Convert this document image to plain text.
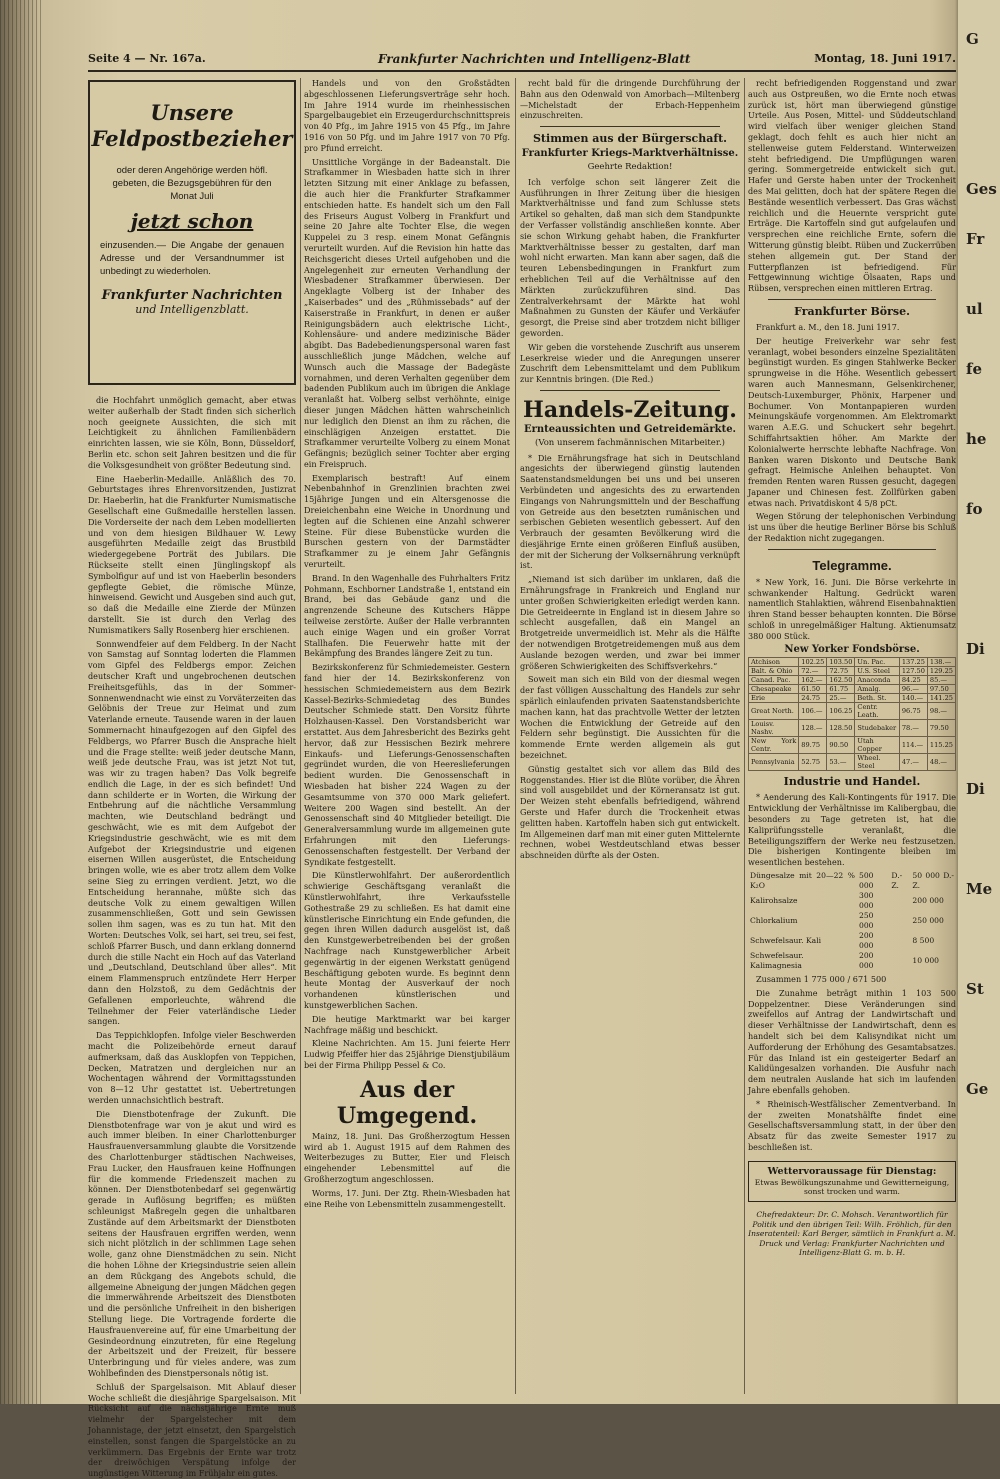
Seite 4 — Nr. 167a.	Frankfurter Nachrichten und Intelligenz-Blatt	Montag, 18. Juni 1917.
Unsere Feldpostbezieher
oder deren Angehörige werden höfl. gebeten, die Bezugsgebühren für den Monat Juli
jetzt schon
einzusenden.— Die Angabe der genauen Adresse und der Versandnummer ist unbedingt zu wiederholen.
Frankfurter Nachrichten
und Intelligenzblatt.

die Hochfahrt unmöglich gemacht, aber etwas weiter außerhalb der Stadt finden sich sicherlich noch geeignete Aussichten, die sich mit Leichtigkeit zu ähnlichen Familienbädern einrichten lassen, wie sie Köln, Bonn, Düsseldorf, Berlin etc. schon seit Jahren besitzen und die für die Volksgesundheit von größter Bedeutung sind.

Eine Haeberlin-Medaille. Anläßlich des 70. Geburtstages ihres Ehrenvorsitzenden, Justizrat Dr. Haeberlin, hat die Frankfurter Numismatische Gesellschaft eine Gußmedaille herstellen lassen. Die Vorderseite der nach dem Leben modellierten und von dem hiesigen Bildhauer W. Lewy ausgeführten Medaille zeigt das Brustbild wiedergegebene Porträt des Jubilars. Die Rückseite stellt einen Jünglingskopf als Symbolfigur auf und ist von Haeberlin besonders gepflegte Gebiet, die römische Münze, hinweisend. Gewicht und Ausgeben sind auch gut, so daß die Medaille eine Zierde der Münzen darstellt. Sie ist durch den Verlag des Numismatikers Sally Rosenberg hier erschienen.

Sonnwendfeier auf dem Feldberg. In der Nacht von Samstag auf Sonntag loderten die Flammen vom Gipfel des Feldbergs empor. Zeichen deutscher Kraft und ungebrochenen deutschen Freiheitsgefühls, das in der Sommer-Sonnenwendnacht wie einst zu Vorväterzeiten das Gelöbnis der Treue zur Heimat und zum Vaterlande erneute. Tausende waren in der lauen Sommernacht hinaufgezogen auf den Gipfel des Feldbergs, wo Pfarrer Busch die Ansprache hielt und die Frage stellte: weiß jeder deutsche Mann, weiß jede deutsche Frau, was ist jetzt Not tut, was wir zu tragen haben? Das Volk begreife endlich die Lage, in der es sich befindet! Und dann schilderte er in Worten, die Wirkung der Entbehrung auf die nächtliche Versammlung machten, wie Deutschland bedrängt und geschwächt, wie es mit dem Aufgebot der Kriegsindustrie geschwächt, wie es mit dem Aufgebot der Kriegsindustrie und eigenen eisernen Willen ausgerüstet, die Entscheidung bringen wolle, wie es aber trotz allem dem Volke seine Sieg zu erringen verdient. Jetzt, wo die Entscheidung herannahe, müßte sich das deutsche Volk zu einem gewaltigen Willen zusammenschließen, Gott und sein Gewissen sollen ihm sagen, was es zu tun hat. Mit den Worten: Deutsches Volk, sei hart, sei treu, sei fest, schloß Pfarrer Busch, und dann erklang donnernd durch die stille Nacht ein Hoch auf das Vaterland und „Deutschland, Deutschland über alles“. Mit einem Flammenspruch entzündete Herr Herper dann den Holzstoß, zu dem Gedächtnis der Gefallenen emporleuchte, während die Teilnehmer der Feier vaterländische Lieder sangen.

Das Teppichklopfen. Infolge vieler Beschwerden macht die Polizeibehörde erneut darauf aufmerksam, daß das Ausklopfen von Teppichen, Decken, Matratzen und dergleichen nur an Wochentagen während der Vormittagsstunden von 8—12 Uhr gestattet ist. Uebertretungen werden unnachsichtlich bestraft.

Die Dienstbotenfrage der Zukunft. Die Dienstbotenfrage war von je akut und wird es auch immer bleiben. In einer Charlottenburger Hausfrauenversammlung glaubte die Vorsitzende des Charlottenburger städtischen Nachweises, Frau Lucker, den Hausfrauen keine Hoffnungen für die kommende Friedenszeit machen zu können. Der Dienstbotenbedarf sei gegenwärtig gerade in Auflösung begriffen; es müßten schleunigst Maßregeln gegen die unhaltbaren Zustände auf dem Arbeitsmarkt der Dienstboten seitens der Hausfrauen ergriffen werden, wenn sich nicht plötzlich in der schlimmen Lage sehen wolle, ganz ohne Dienstmädchen zu sein. Nicht die hohen Löhne der Kriegsindustrie seien allein an dem Rückgang des Angebots schuld, die allgemeine Abneigung der jungen Mädchen gegen die immerwährende Arbeitszeit des Dienstboten und die persönliche Unfreiheit in den bisherigen Stellung liege. Die Vortragende forderte die Hausfrauenvereine auf, für eine Umarbeitung der Gesindeordnung einzutreten, für eine Regelung der Arbeitszeit und der Freizeit, für bessere Unterbringung und für vieles andere, was zum Wohlbefinden des Dienstpersonals nötig ist.

Schluß der Spargelsaison. Mit Ablauf dieser Woche schließt die diesjährige Spargelsaison. Mit Rücksicht auf die nächstjährige Ernte muß vielmehr der Spargelstecher mit dem Johannistage, der jetzt einsetzt, den Spargelstich einstellen, sonst fangen die Spargelstöcke an zu verkümmern. Das Ergebnis der Ernte war trotz der dreiwöchigen Verspätung infolge der ungünstigen Witterung im Frühjahr ein gutes.

Handels und von den Großstädten abgeschlossenen Lieferungsverträge sehr hoch. Im Jahre 1914 wurde im rheinhessischen Spargelbaugebiet ein Erzeugerdurchschnittspreis von 40 Pfg., im Jahre 1915 von 45 Pfg., im Jahre 1916 von 50 Pfg. und im Jahre 1917 von 70 Pfg. pro Pfund erreicht.

Unsittliche Vorgänge in der Badeanstalt. Die Strafkammer in Wiesbaden hatte sich in ihrer letzten Sitzung mit einer Anklage zu befassen, die auch hier die Frankfurter Strafkammer entschieden hatte. Es handelt sich um den Fall des Friseurs August Volberg in Frankfurt und seine 20 Jahre alte Tochter Else, die wegen Kuppelei zu 3 resp. einem Monat Gefängnis verurteilt wurden. Auf die Revision hin hatte das Reichsgericht dieses Urteil aufgehoben und die Angelegenheit zur erneuten Verhandlung der Wiesbadener Strafkammer überwiesen. Der Angeklagte Volberg ist der Inhaber des „Kaiserbades“ und des „Rühmissebads“ auf der Kaiserstraße in Frankfurt, in denen er außer Reinigungsbädern auch elektrische Licht-, Kohlensäure- und andere medizinische Bäder abgibt. Das Badebedienungspersonal waren fast ausschließlich junge Mädchen, welche auf Wunsch auch die Massage der Badegäste vornahmen, und deren Verhalten gegenüber dem badenden Publikum auch im übrigen die Anklage veranlaßt hat. Volberg selbst verhöhnte, einige dieser jungen Mädchen hätten wahrscheinlich nur lediglich den Dienst an ihm zu rächen, die einschlägigen Anzeigen erstattet. Die Strafkammer verurteilte Volberg zu einem Monat Gefängnis; bezüglich seiner Tochter aber erging ein Freispruch.

Exemplarisch bestraft! Auf einem Nebenbahnhof in Grenzlinien brachten zwei 15jährige Jungen und ein Altersgenosse die Dreieichenbahn eine Weiche in Unordnung und legten auf die Schienen eine Anzahl schwerer Steine. Für diese Bubenstücke wurden die Burschen gestern von der Darmstädter Strafkammer zu je einem Jahr Gefängnis verurteilt.

Brand. In den Wagenhalle des Fuhrhalters Fritz Pohmann, Eschborner Landstraße 1, entstand ein Brand, bei das Gebäude ganz und die angrenzende Scheune des Kutschers Häppe teilweise zerstörte. Außer der Halle verbrannten auch einige Wagen und ein großer Vorrat Stallhafen. Die Feuerwehr hatte mit der Bekämpfung des Brandes längere Zeit zu tun.

Bezirkskonferenz für Schmiedemeister. Gestern fand hier der 14. Bezirkskonferenz von hessischen Schmiedemeistern aus dem Bezirk Kassel-Bezirks-Schmiedetag des Bundes Deutscher Schmiede statt. Den Vorsitz führte Holzhausen-Kassel. Den Vorstandsbericht war erstattet. Aus dem Jahresbericht des Bezirks geht hervor, daß zur Hessischen Bezirk mehrere Einkaufs- und Lieferungs-Genossenschaften gegründet wurden, die von Heereslieferungen bedient wurden. Die Genossenschaft in Wiesbaden hat bisher 224 Wagen zu der Gesamtsumme von 370 000 Mark geliefert. Weitere 200 Wagen sind bestellt. An der Genossenschaft sind 40 Mitglieder beteiligt. Die Generalversammlung wurde im allgemeinen gute Erfahrungen mit den Lieferungs-Genossenschaften festgestellt. Der Verband der Syndikate festgestellt.

Die Künstlerwohlfahrt. Der außerordentlich schwierige Geschäftsgang veranlaßt die Künstlerwohlfahrt, ihre Verkaufsstelle Gothestraße 29 zu schließen. Es hat damit eine künstlerische Einrichtung ein Ende gefunden, die gegen ihren Willen dadurch ausgelöst ist, daß den Kunstgewerbetreibenden bei der großen Nachfrage nach Kunstgewerblicher Arbeit gegenwärtig in der eigenen Werkstatt genügend Beschäftigung geboten wurde. Es beginnt denn heute Montag der Ausverkauf der noch vorhandenen künstlerischen und kunstgewerblichen Sachen.

Die heutige Marktmarkt war bei karger Nachfrage mäßig und beschickt.

Kleine Nachrichten. Am 15. Juni feierte Herr Ludwig Pfeiffer hier das 25jährige Dienstjubiläum bei der Firma Philipp Pessel & Co.

Aus der Umgegend.

Mainz, 18. Juni. Das Großherzogtum Hessen wird ab 1. August 1915 auf dem Rahmen des Weiterbezuges zu Butter, Eier und Fleisch eingehender Lebensmittel auf die Großherzogtum angeschlossen.

Worms, 17. Juni. Der Ztg. Rhein-Wiesbaden hat eine Reihe von Lebensmitteln zusammengestellt.

recht bald für die dringende Durchführung der Bahn aus den Odenwald von Amorbach—Miltenberg—Michelstadt der Erbach-Heppenheim einzuschreiten.

Stimmen aus der Bürgerschaft.
Frankfurter Kriegs-Marktverhältnisse.
Geehrte Redaktion!

Ich verfolge schon seit längerer Zeit die Ausführungen in Ihrer Zeitung über die hiesigen Marktverhältnisse und fand zum Schlusse stets Artikel so gehalten, daß man sich dem Standpunkte der Verfasser vollständig anschließen konnte. Aber sie schon Wirkung gehabt haben, die Frankfurter Marktverhältnisse besser zu gestalten, darf man wohl nicht erwarten. Man kann aber sagen, daß die teuren Lebensbedingungen in Frankfurt zum erheblichen Teil auf die Verhältnisse auf den Märkten zurückzuführen sind. Das Zentralverkehrsamt der Märkte hat wohl Maßnahmen zu Gunsten der Käufer und Verkäufer gesorgt, die Preise sind aber trotzdem nicht billiger geworden.

Wir geben die vorstehende Zuschrift aus unserem Leserkreise wieder und die Anregungen unserer Zuschrift dem Lebensmittelamt und dem Publikum zur Kenntnis bringen. (Die Red.)

Handels-Zeitung.
Ernteaussichten und Getreidemärkte.
(Von unserem fachmännischen Mitarbeiter.)

* Die Ernährungsfrage hat sich in Deutschland angesichts der überwiegend günstig lautenden Saatenstandsmeldungen bei uns und bei unseren Verbündeten und angesichts des zu erwartenden Eingangs von Nahrungsmitteln und der Beschaffung von Getreide aus den besetzten rumänischen und serbischen Gebieten wesentlich gebessert. Auf den Verbrauch der gesamten Bevölkerung wird die diesjährige Ernte einen größeren Einfluß ausüben, der mit der Sicherung der Volksernährung verknüpft ist.

„Niemand ist sich darüber im unklaren, daß die Ernährungsfrage in Frankreich und England nur unter großen Schwierigkeiten erledigt werden kann. Die Getreideernte in England ist in diesem Jahre so schlecht ausgefallen, daß ein Mangel an Brotgetreide unvermeidlich ist. Mehr als die Hälfte der notwendigen Brotgetreidemengen muß aus dem Auslande bezogen werden, und zwar bei immer größeren Schwierigkeiten des Schiffsverkehrs.“

Soweit man sich ein Bild von der diesmal wegen der fast völligen Ausschaltung des Handels zur sehr spärlich einlaufenden privaten Saatenstandsberichte machen kann, hat das prachtvolle Wetter der letzten Wochen die Entwicklung der Getreide auf den Feldern sehr begünstigt. Die Aussichten für die kommende Ernte werden allgemein als gut bezeichnet.

Günstig gestaltet sich vor allem das Bild des Roggenstandes. Hier ist die Blüte vorüber, die Ähren sind voll ausgebildet und der Körneransatz ist gut. Der Weizen steht ebenfalls befriedigend, während Gerste und Hafer durch die Trockenheit etwas gelitten haben. Kartoffeln haben sich gut entwickelt. Im Allgemeinen darf man mit einer guten Mittelernte rechnen, wobei Westdeutschland etwas besser abschneiden dürfte als der Osten.

recht befriedigenden Roggenstand und zwar auch aus Ostpreußen, wo die Ernte noch etwas zurück ist, hört man überwiegend günstige Urteile. Aus Posen, Mittel- und Süddeutschland wird vielfach über weniger gleichen Stand geklagt, doch fehlt es auch hier nicht an stellenweise gutem Felderstand. Winterweizen steht befriedigend. Die Umpflügungen waren gering. Sommergetreide entwickelt sich gut. Hafer und Gerste haben unter der Trockenheit des Mai gelitten, doch hat der spätere Regen die Bestände wesentlich verbessert. Das Gras wächst reichlich und die Heuernte verspricht gute Erträge. Die Kartoffeln sind gut aufgelaufen und versprechen eine reichliche Ernte, sofern die Witterung günstig bleibt. Rüben und Zuckerrüben stehen allgemein gut. Der Stand der Futterpflanzen ist befriedigend. Für Fettgewinnung wichtige Ölsaaten, Raps und Rübsen, versprechen einen mittleren Ertrag.

Frankfurter Börse.

Frankfurt a. M., den 18. Juni 1917.

Der heutige Freiverkehr war sehr fest veranlagt, wobei besonders einzelne Spezialitäten begünstigt wurden. Es gingen Stahlwerke Becker sprungweise in die Höhe. Wesentlich gebessert waren auch Mannesmann, Gelsenkirchener, Deutsch-Luxemburger, Phönix, Harpener und Bochumer. Von Montanpapieren wurden Meinungskäufe vorgenommen. Am Elektromarkt waren A.E.G. und Schuckert sehr begehrt. Schiffahrtsaktien höher. Am Markte der Kolonialwerte herrschte lebhafte Nachfrage. Von Banken waren Diskonto und Deutsche Bank gefragt. Heimische Anleihen behauptet. Von fremden Renten waren Russen gesucht, dagegen Japaner und Chinesen fest. Zollfürken gaben etwas nach. Privatdiskont 4 5/8 pCt.

Wegen Störung der telephonischen Verbindung ist uns über die heutige Berliner Börse bis Schluß der Redaktion nicht zugegangen.

Telegramme.

* New York, 16. Juni. Die Börse verkehrte in schwankender Haltung. Gedrückt waren namentlich Stahlaktien, während Eisenbahnaktien ihren Stand besser behaupten konnten. Die Börse schloß in unregelmäßiger Haltung. Aktienumsatz 380 000 Stück.

New Yorker Fondsbörse.
Atchison	102.25	103.50	Un. Pac.	137.25	138.—
Balt. & Ohio	72.—	72.75	U.S. Steel	127.50	129.25
Canad. Pac.	162.—	162.50	Anaconda	84.25	85.—
Chesapeake	61.50	61.75	Amalg.	96.—	97.50
Erie	24.75	25.—	Beth. St.	140.—	141.25
Great North.	106.—	106.25	Centr. Leath.	96.75	98.—
Louisv. Nashv.	128.—	128.50	Studebaker	78.—	79.50
New York Centr.	89.75	90.50	Utah Copper	114.—	115.25
Pennsylvania	52.75	53.—	Wheel. Steel	47.—	48.—
Industrie und Handel.

* Aenderung des Kali-Kontingents für 1917. Die Entwicklung der Verhältnisse im Kalibergbau, die besonders zu Tage getreten ist, hat die Kaliprüfungsstelle veranlaßt, die Beteiligungsziffern der Werke neu festzusetzen. Die bisherigen Kontingente bleiben im wesentlichen bestehen.

Düngesalze mit 20—22 % K₂O	500 000	D.-Z.	50 000 D.-Z.
Kalirohsalze	300 000		200 000
Chlorkalium	250 000		250 000
Schwefelsaur. Kali	200 000		8 500
Schwefelsaur. Kalimagnesia	200 000		10 000

Zusammen 1 775 000 / 671 500

Die Zunahme beträgt mithin 1 103 500 Doppelzentner. Diese Veränderungen sind zweifellos auf Antrag der Landwirtschaft und dieser Verhältnisse der Landwirtschaft, denn es handelt sich bei dem Kalisyndikat nicht um Aufforderung der Erhöhung des Gesamtabsatzes. Für das Inland ist ein gesteigerter Bedarf an Kalidüngesalzen vorhanden. Die Ausfuhr nach dem neutralen Auslande hat sich im laufenden Jahre ebenfalls gehoben.

* Rheinisch-Westfälischer Zementverband. In der zweiten Monatshälfte findet eine Gesellschaftsversammlung statt, in der über den Absatz für das zweite Semester 1917 zu beschließen ist.

Wettervoraussage für Dienstag:
Etwas Bewölkungszunahme und Gewitterneigung, sonst trocken und warm.
Chefredakteur: Dr. C. Mohsch. Verantwortlich für Politik und den übrigen Teil: Wilh. Fröhlich, für den Inseratenteil: Karl Berger, sämtlich in Frankfurt a. M. Druck und Verlag: Frankfurter Nachrichten und Intelligenz-Blatt G. m. b. H.
G
Ges
Fr
ul
fe
he
fo
Di
Di
Me
St
Ge
